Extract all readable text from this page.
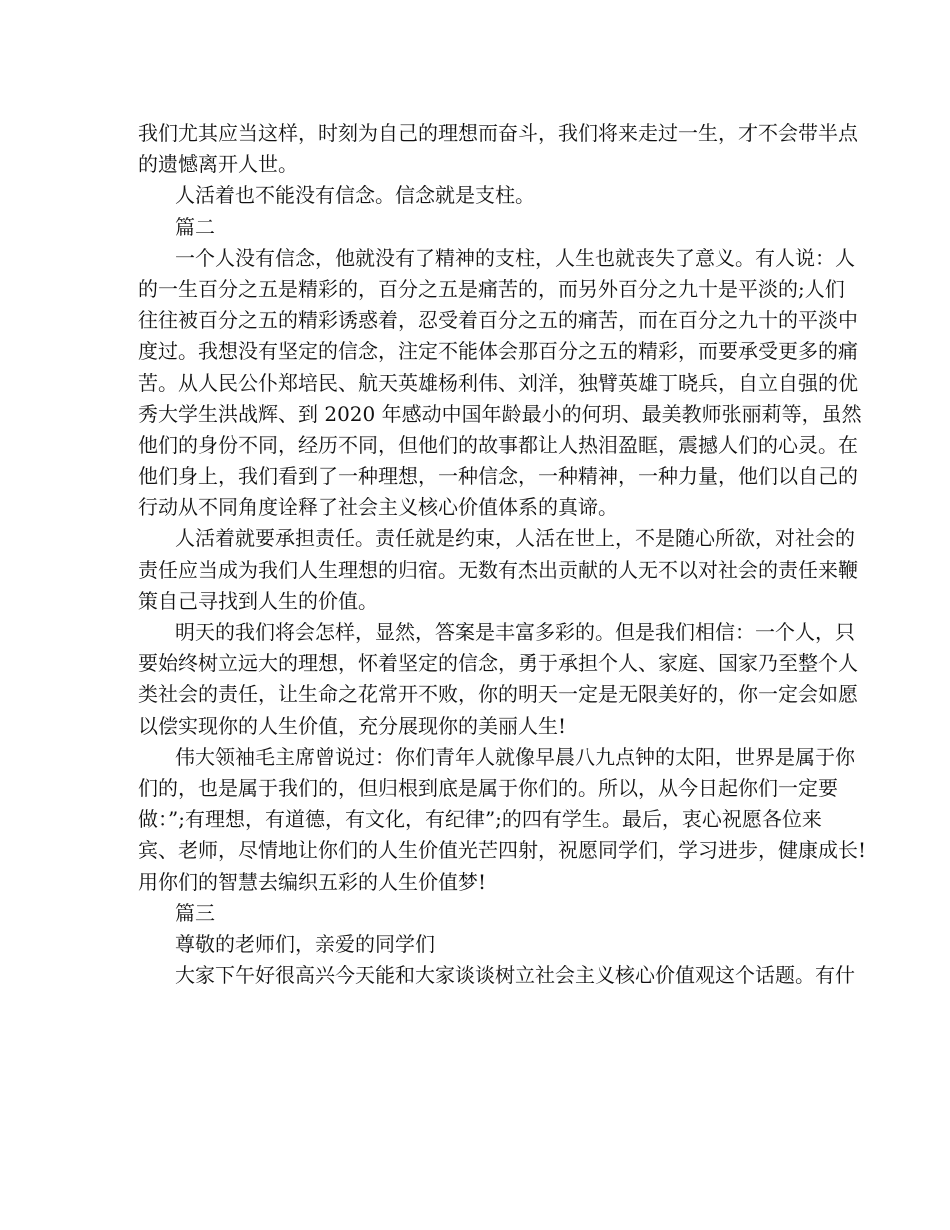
我们尤其应当这样，时刻为自己的理想而奋斗，我们将来走过一生，才不会带半点
的遗憾离开人世。
人活着也不能没有信念。信念就是支柱。
篇二
一个人没有信念，他就没有了精神的支柱，人生也就丧失了意义。有人说：人
的一生百分之五是精彩的，百分之五是痛苦的，而另外百分之九十是平淡的;人们
往往被百分之五的精彩诱惑着，忍受着百分之五的痛苦，而在百分之九十的平淡中
度过。我想没有坚定的信念，注定不能体会那百分之五的精彩，而要承受更多的痛
苦。从人民公仆郑培民、航天英雄杨利伟、刘洋，独臂英雄丁晓兵，自立自强的优
秀大学生洪战辉、到 2020 年感动中国年龄最小的何玥、最美教师张丽莉等，虽然
他们的身份不同，经历不同，但他们的故事都让人热泪盈眶，震撼人们的心灵。在
他们身上，我们看到了一种理想，一种信念，一种精神，一种力量，他们以自己的
行动从不同角度诠释了社会主义核心价值体系的真谛。
人活着就要承担责任。责任就是约束，人活在世上，不是随心所欲，对社会的
责任应当成为我们人生理想的归宿。无数有杰出贡献的人无不以对社会的责任来鞭
策自己寻找到人生的价值。
明天的我们将会怎样，显然，答案是丰富多彩的。但是我们相信：一个人，只
要始终树立远大的理想，怀着坚定的信念，勇于承担个人、家庭、国家乃至整个人
类社会的责任，让生命之花常开不败，你的明天一定是无限美好的，你一定会如愿
以偿实现你的人生价值，充分展现你的美丽人生!
伟大领袖毛主席曾说过：你们青年人就像早晨八九点钟的太阳，世界是属于你
们的，也是属于我们的，但归根到底是属于你们的。所以，从今日起你们一定要
做：”;有理想，有道德，有文化，有纪律”;的四有学生。最后，衷心祝愿各位来
宾、老师，尽情地让你们的人生价值光芒四射，祝愿同学们，学习进步，健康成长!
用你们的智慧去编织五彩的人生价值梦!
篇三
尊敬的老师们，亲爱的同学们
大家下午好很高兴今天能和大家谈谈树立社会主义核心价值观这个话题。有什
